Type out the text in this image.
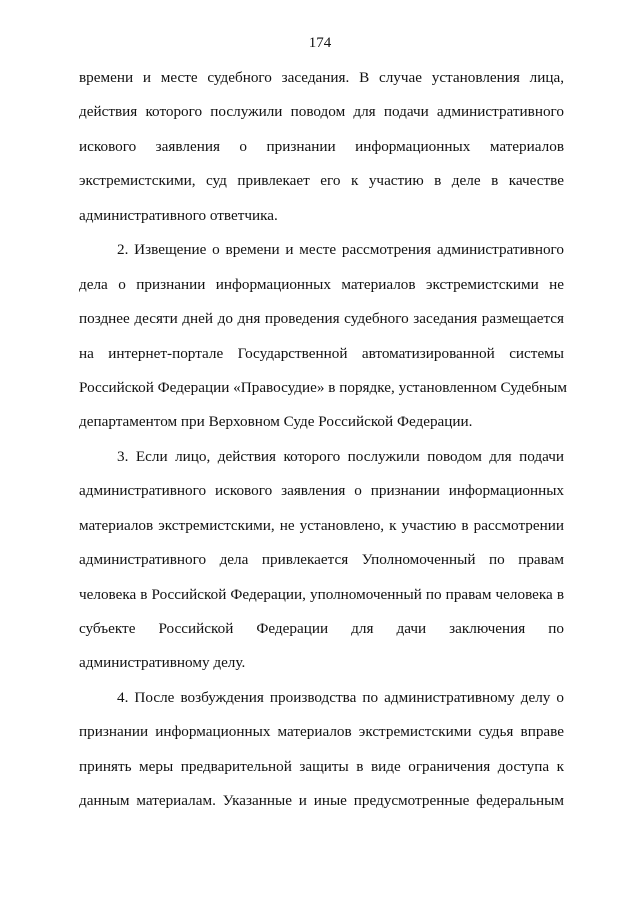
174
времени и месте судебного заседания. В случае установления лица,
действия которого послужили поводом для подачи административного
искового заявления о признании информационных материалов
экстремистскими, суд привлекает его к участию в деле в качестве
административного ответчика.
2. Извещение о времени и месте рассмотрения административного
дела о признании информационных материалов экстремистскими не
позднее десяти дней до дня проведения судебного заседания размещается
на интернет-портале Государственной автоматизированной системы
Российской Федерации «Правосудие» в порядке, установленном Судебным
департаментом при Верховном Суде Российской Федерации.
3. Если лицо, действия которого послужили поводом для подачи
административного искового заявления о признании информационных
материалов экстремистскими, не установлено, к участию в рассмотрении
административного дела привлекается Уполномоченный по правам
человека в Российской Федерации, уполномоченный по правам человека в
субъекте Российской Федерации для дачи заключения по
административному делу.
4. После возбуждения производства по административному делу о
признании информационных материалов экстремистскими судья вправе
принять меры предварительной защиты в виде ограничения доступа к
данным материалам. Указанные и иные предусмотренные федеральным
